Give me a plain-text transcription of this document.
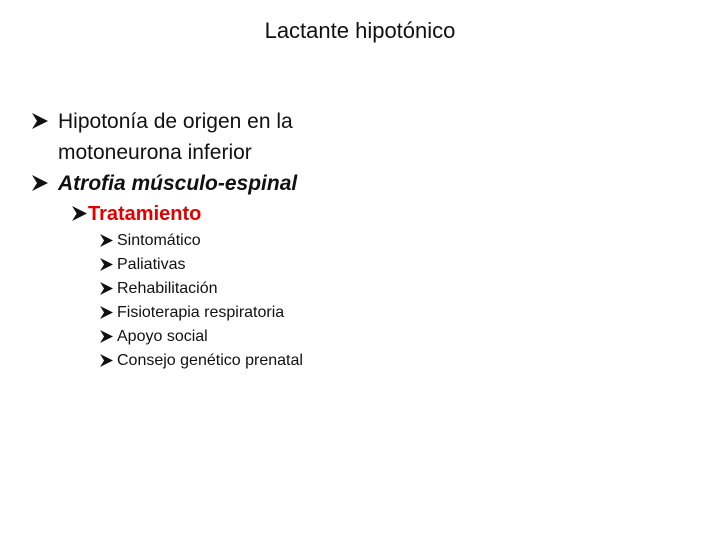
Lactante hipotónico
Hipotonía de origen en la motoneurona inferior
Atrofia músculo-espinal
Tratamiento
Sintomático
Paliativas
Rehabilitación
Fisioterapia respiratoria
Apoyo social
Consejo genético prenatal
